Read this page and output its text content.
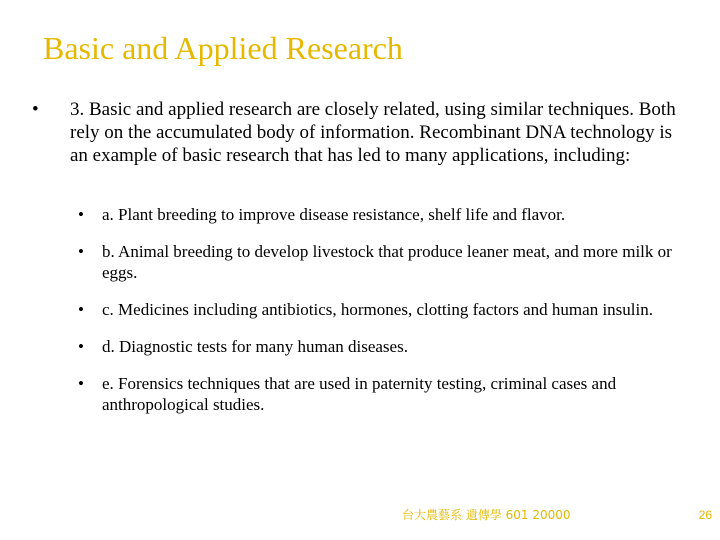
Basic and Applied Research
• 3. Basic and applied research are closely related, using similar techniques. Both rely on the accumulated body of information. Recombinant DNA technology is an example of basic research that has led to many applications, including:
• a. Plant breeding to improve disease resistance, shelf life and flavor.
• b. Animal breeding to develop livestock that produce leaner meat, and more milk or eggs.
• c. Medicines including antibiotics, hormones, clotting factors and human insulin.
• d. Diagnostic tests for many human diseases.
• e. Forensics techniques that are used in paternity testing, criminal cases and anthropological studies.
台大農藝系 遺傳學 601 20000	26
